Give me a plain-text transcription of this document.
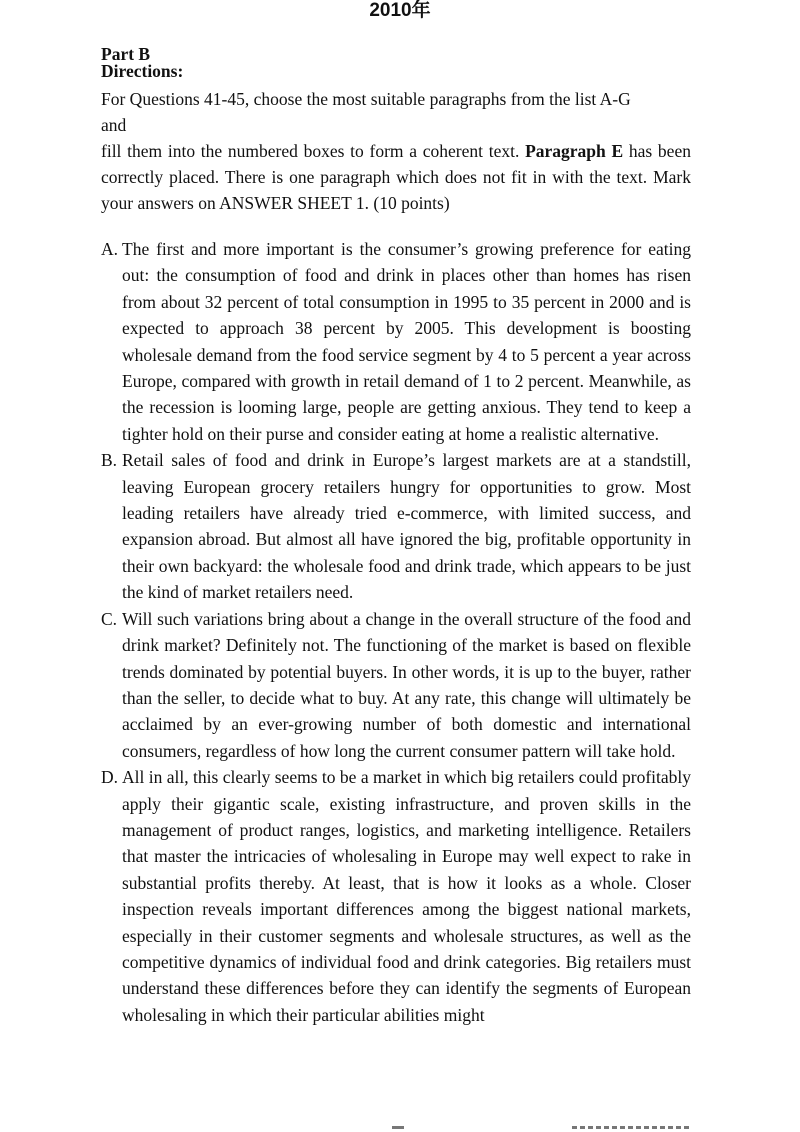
2010年
Part B
Directions:
For Questions 41-45, choose the most suitable paragraphs from the list A-G
and
fill them into the numbered boxes to form a coherent text. Paragraph E has been correctly placed. There is one paragraph which does not fit in with the text. Mark your answers on ANSWER SHEET 1. (10 points)
A. The first and more important is the consumer’s growing preference for eating out: the consumption of food and drink in places other than homes has risen from about 32 percent of total consumption in 1995 to 35 percent in 2000 and is expected to approach 38 percent by 2005. This development is boosting wholesale demand from the food service segment by 4 to 5 percent a year across Europe, compared with growth in retail demand of 1 to 2 percent. Meanwhile, as the recession is looming large, people are getting anxious. They tend to keep a tighter hold on their purse and consider eating at home a realistic alternative.
B. Retail sales of food and drink in Europe’s largest markets are at a standstill, leaving European grocery retailers hungry for opportunities to grow. Most leading retailers have already tried e-commerce, with limited success, and expansion abroad. But almost all have ignored the big, profitable opportunity in their own backyard: the wholesale food and drink trade, which appears to be just the kind of market retailers need.
C. Will such variations bring about a change in the overall structure of the food and drink market? Definitely not. The functioning of the market is based on flexible trends dominated by potential buyers. In other words, it is up to the buyer, rather than the seller, to decide what to buy. At any rate, this change will ultimately be acclaimed by an ever-growing number of both domestic and international consumers, regardless of how long the current consumer pattern will take hold.
D. All in all, this clearly seems to be a market in which big retailers could profitably apply their gigantic scale, existing infrastructure, and proven skills in the management of product ranges, logistics, and marketing intelligence. Retailers that master the intricacies of wholesaling in Europe may well expect to rake in substantial profits thereby. At least, that is how it looks as a whole. Closer inspection reveals important differences among the biggest national markets, especially in their customer segments and wholesale structures, as well as the competitive dynamics of individual food and drink categories. Big retailers must understand these differences before they can identify the segments of European wholesaling in which their particular abilities might
